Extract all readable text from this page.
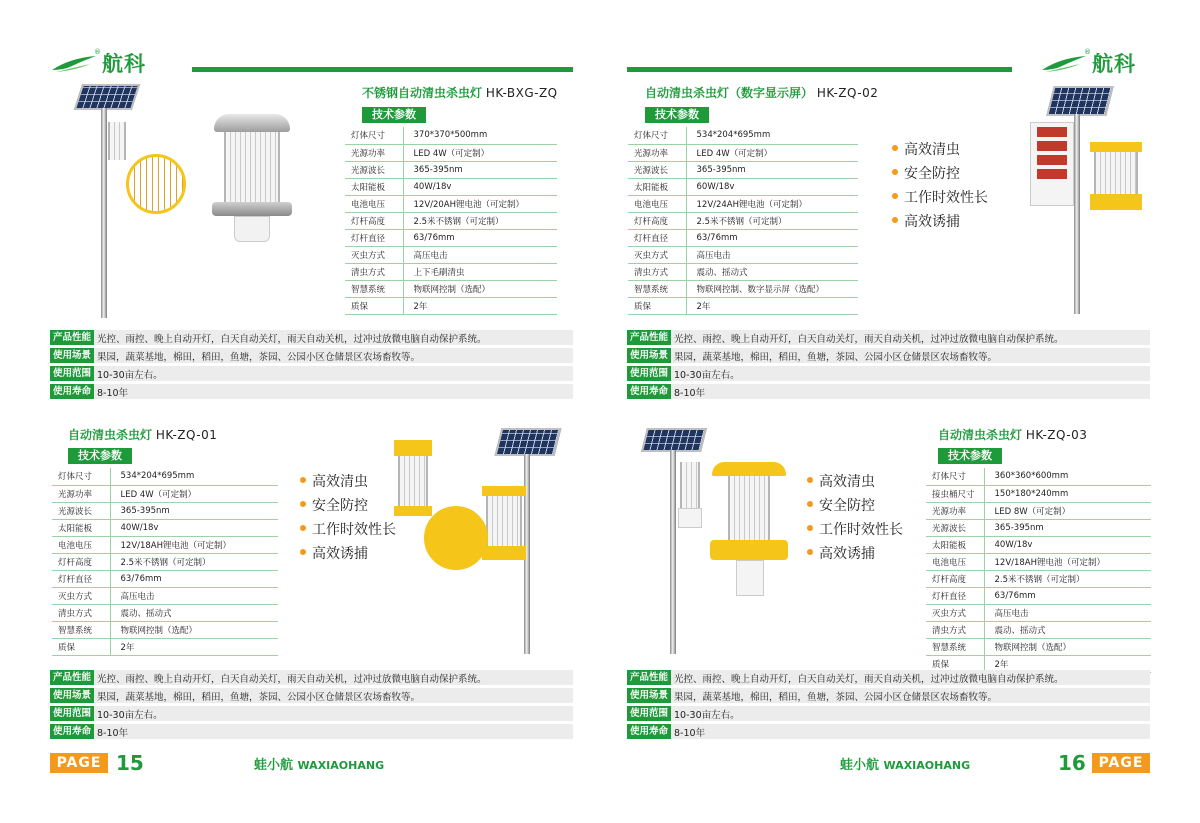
® 航科
不锈钢自动清虫杀虫灯 HK-BXG-ZQ
技术参数
灯体尺寸	370*370*500mm
光源功率	LED 4W（可定制）
光源波长	365-395nm
太阳能板	40W/18v
电池电压	12V/20AH锂电池（可定制）
灯杆高度	2.5米不锈钢（可定制）
灯杆直径	63/76mm
灭虫方式	高压电击
清虫方式	上下毛刷清虫
智慧系统	物联网控制（选配）
质保	2年
产品性能 光控、雨控、晚上自动开灯，白天自动关灯，雨天自动关机，过冲过放微电脑自动保护系统。
使用场景 果园，蔬菜基地，棉田，稻田，鱼塘，茶园、公园小区仓储景区农场畜牧等。
使用范围 10-30亩左右。
使用寿命 8-10年
自动清虫杀虫灯 HK-ZQ-01
技术参数
灯体尺寸	534*204*695mm
光源功率	LED 4W（可定制）
光源波长	365-395nm
太阳能板	40W/18v
电池电压	12V/18AH锂电池（可定制）
灯杆高度	2.5米不锈钢（可定制）
灯杆直径	63/76mm
灭虫方式	高压电击
清虫方式	震动、摇动式
智慧系统	物联网控制（选配）
质保	2年
高效清虫
安全防控
工作时效性长
高效诱捕
产品性能 光控、雨控、晚上自动开灯，白天自动关灯，雨天自动关机，过冲过放微电脑自动保护系统。
使用场景 果园，蔬菜基地，棉田，稻田，鱼塘，茶园、公园小区仓储景区农场畜牧等。
使用范围 10-30亩左右。
使用寿命 8-10年
PAGE 15	蛙小航 WAXIAOHANG
® 航科
自动清虫杀虫灯（数字显示屏） HK-ZQ-02
技术参数
灯体尺寸	534*204*695mm
光源功率	LED 4W（可定制）
光源波长	365-395nm
太阳能板	60W/18v
电池电压	12V/24AH锂电池（可定制）
灯杆高度	2.5米不锈钢（可定制）
灯杆直径	63/76mm
灭虫方式	高压电击
清虫方式	震动、摇动式
智慧系统	物联网控制、数字显示屏（选配）
质保	2年
高效清虫
安全防控
工作时效性长
高效诱捕
产品性能 光控、雨控、晚上自动开灯，白天自动关灯，雨天自动关机，过冲过放微电脑自动保护系统。
使用场景 果园，蔬菜基地，棉田，稻田，鱼塘，茶园、公园小区仓储景区农场畜牧等。
使用范围 10-30亩左右。
使用寿命 8-10年
自动清虫杀虫灯 HK-ZQ-03
技术参数
灯体尺寸	360*360*600mm
接虫桶尺寸	150*180*240mm
光源功率	LED 8W（可定制）
光源波长	365-395nm
太阳能板	40W/18v
电池电压	12V/18AH锂电池（可定制）
灯杆高度	2.5米不锈钢（可定制）
灯杆直径	63/76mm
灭虫方式	高压电击
清虫方式	震动、摇动式
智慧系统	物联网控制（选配）
质保	2年
高效清虫
安全防控
工作时效性长
高效诱捕
产品性能 光控、雨控、晚上自动开灯，白天自动关灯，雨天自动关机，过冲过放微电脑自动保护系统。
使用场景 果园，蔬菜基地，棉田，稻田，鱼塘，茶园、公园小区仓储景区农场畜牧等。
使用范围 10-30亩左右。
使用寿命 8-10年
蛙小航 WAXIAOHANG	16 PAGE
